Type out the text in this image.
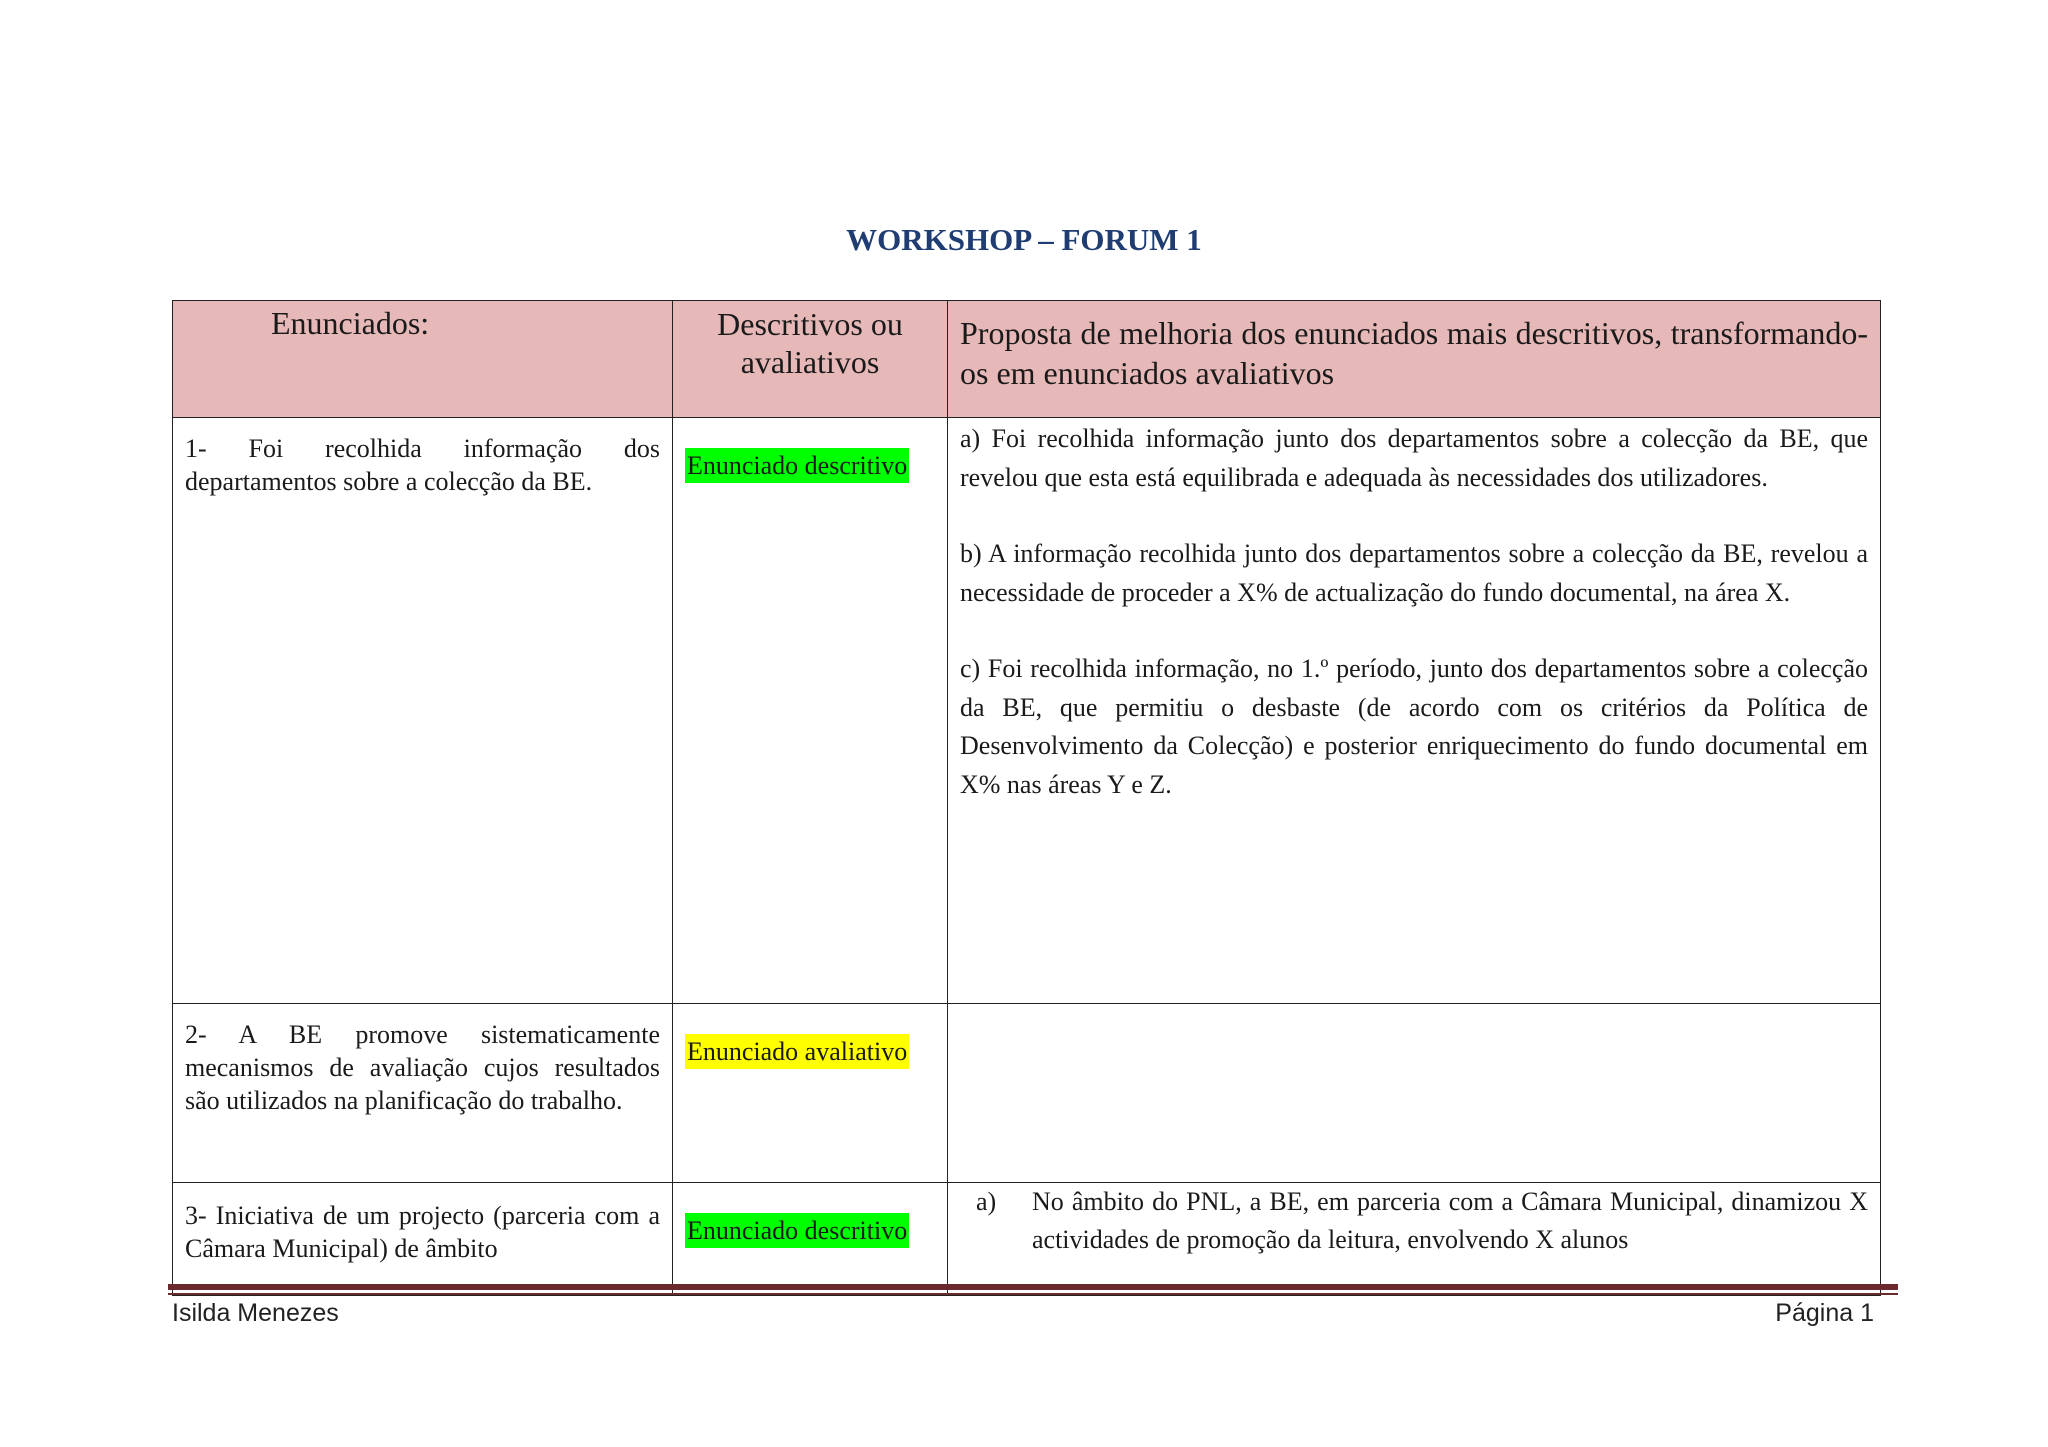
WORKSHOP – FORUM 1
Enunciados:	Descritivos ou avaliativos	Proposta de melhoria dos enunciados mais descritivos, transformando-os em enunciados avaliativos
1- Foi recolhida informação dos departamentos sobre a colecção da BE.	Enunciado descritivo	a) Foi recolhida informação junto dos departamentos sobre a colecção da BE, que revelou que esta está equilibrada e adequada às necessidades dos utilizadores.

b) A informação recolhida junto dos departamentos sobre a colecção da BE, revelou a necessidade de proceder a X% de actualização do fundo documental, na área X.

c) Foi recolhida informação, no 1.º período, junto dos departamentos sobre a colecção da BE, que permitiu o desbaste (de acordo com os critérios da Política de Desenvolvimento da Colecção) e posterior enriquecimento do fundo documental em X% nas áreas Y e Z.

2- A BE promove sistematicamente mecanismos de avaliação cujos resultados são utilizados na planificação do trabalho.	Enunciado avaliativo	

3- Iniciativa de um projecto (parceria com a Câmara Municipal) de âmbito	Enunciado descritivo	a) No âmbito do PNL, a BE, em parceria com a Câmara Municipal, dinamizou X actividades de promoção da leitura, envolvendo X alunos
Isilda Menezes	Página 1
